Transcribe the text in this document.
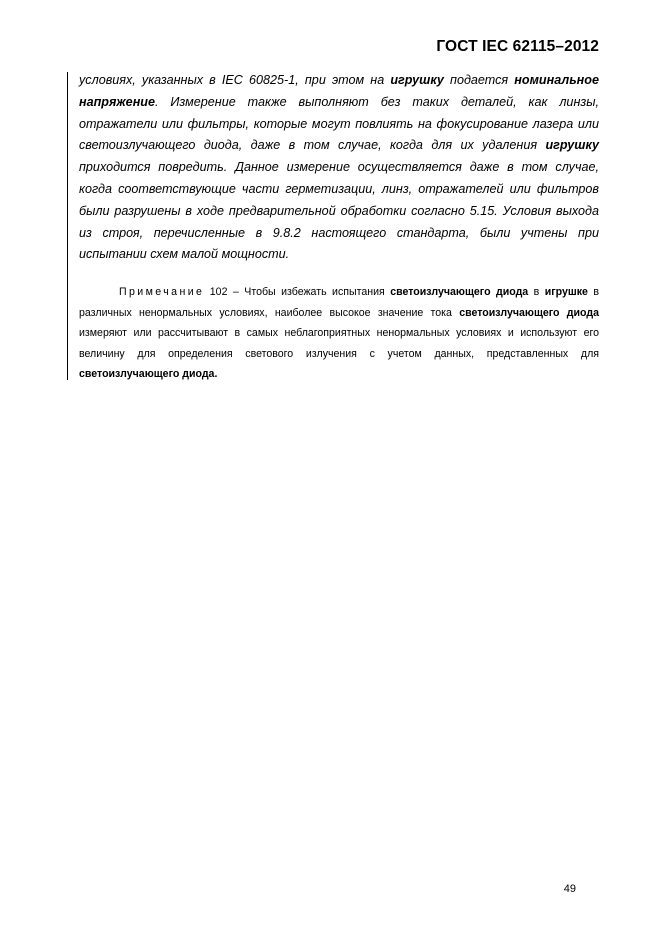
ГОСТ IEC 62115–2012
условиях, указанных в IEC 60825-1, при этом на игрушку подается номинальное напряжение. Измерение также выполняют без таких деталей, как линзы, отражатели или фильтры, которые могут повлиять на фокусирование лазера или светоизлучающего диода, даже в том случае, когда для их удаления игрушку приходится повредить. Данное измерение осуществляется даже в том случае, когда соответствующие части герметизации, линз, отражателей или фильтров были разрушены в ходе предварительной обработки согласно 5.15. Условия выхода из строя, перечисленные в 9.8.2 настоящего стандарта, были учтены при испытании схем малой мощности.
Примечание 102 – Чтобы избежать испытания светоизлучающего диода в игрушке в различных ненормальных условиях, наиболее высокое значение тока светоизлучающего диода измеряют или рассчитывают в самых неблагоприятных ненормальных условиях и используют его величину для определения светового излучения с учетом данных, представленных для светоизлучающего диода.
49
